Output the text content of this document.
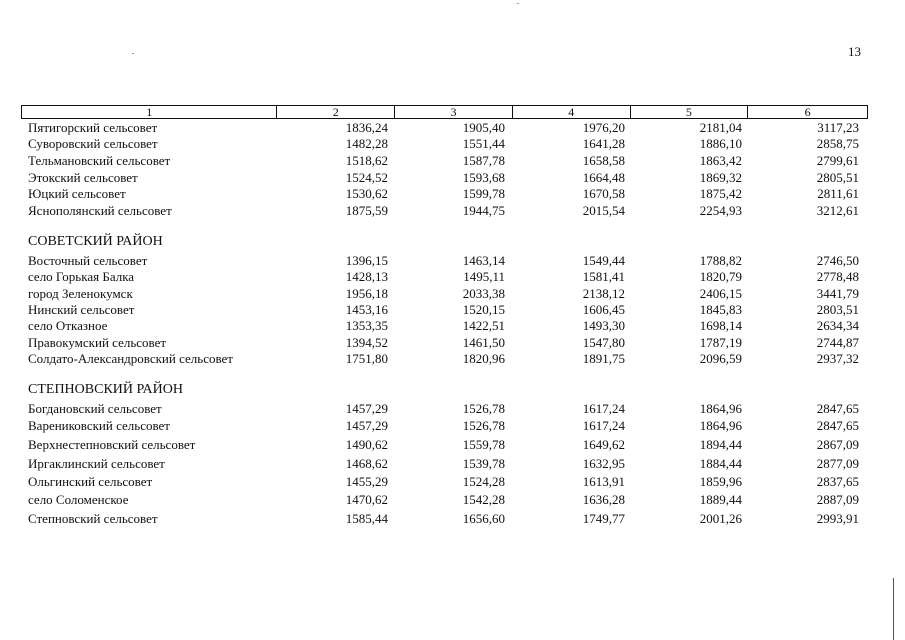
13
1	2	3	4	5	6
Пятигорский сельсовет	1836,24	1905,40	1976,20	2181,04	3117,23
Суворовский сельсовет	1482,28	1551,44	1641,28	1886,10	2858,75
Тельмановский сельсовет	1518,62	1587,78	1658,58	1863,42	2799,61
Этокский сельсовет	1524,52	1593,68	1664,48	1869,32	2805,51
Юцкий сельсовет	1530,62	1599,78	1670,58	1875,42	2811,61
Яснополянский сельсовет	1875,59	1944,75	2015,54	2254,93	3212,61
СОВЕТСКИЙ РАЙОН
Восточный сельсовет	1396,15	1463,14	1549,44	1788,82	2746,50
село Горькая Балка	1428,13	1495,11	1581,41	1820,79	2778,48
город Зеленокумск	1956,18	2033,38	2138,12	2406,15	3441,79
Нинский сельсовет	1453,16	1520,15	1606,45	1845,83	2803,51
село Отказное	1353,35	1422,51	1493,30	1698,14	2634,34
Правокумский сельсовет	1394,52	1461,50	1547,80	1787,19	2744,87
Солдато-Александровский сельсовет	1751,80	1820,96	1891,75	2096,59	2937,32
СТЕПНОВСКИЙ РАЙОН
Богдановский сельсовет	1457,29	1526,78	1617,24	1864,96	2847,65
Варениковский сельсовет	1457,29	1526,78	1617,24	1864,96	2847,65
Верхнестепновский сельсовет	1490,62	1559,78	1649,62	1894,44	2867,09
Иргаклинский сельсовет	1468,62	1539,78	1632,95	1884,44	2877,09
Ольгинский сельсовет	1455,29	1524,28	1613,91	1859,96	2837,65
село Соломенское	1470,62	1542,28	1636,28	1889,44	2887,09
Степновский сельсовет	1585,44	1656,60	1749,77	2001,26	2993,91
